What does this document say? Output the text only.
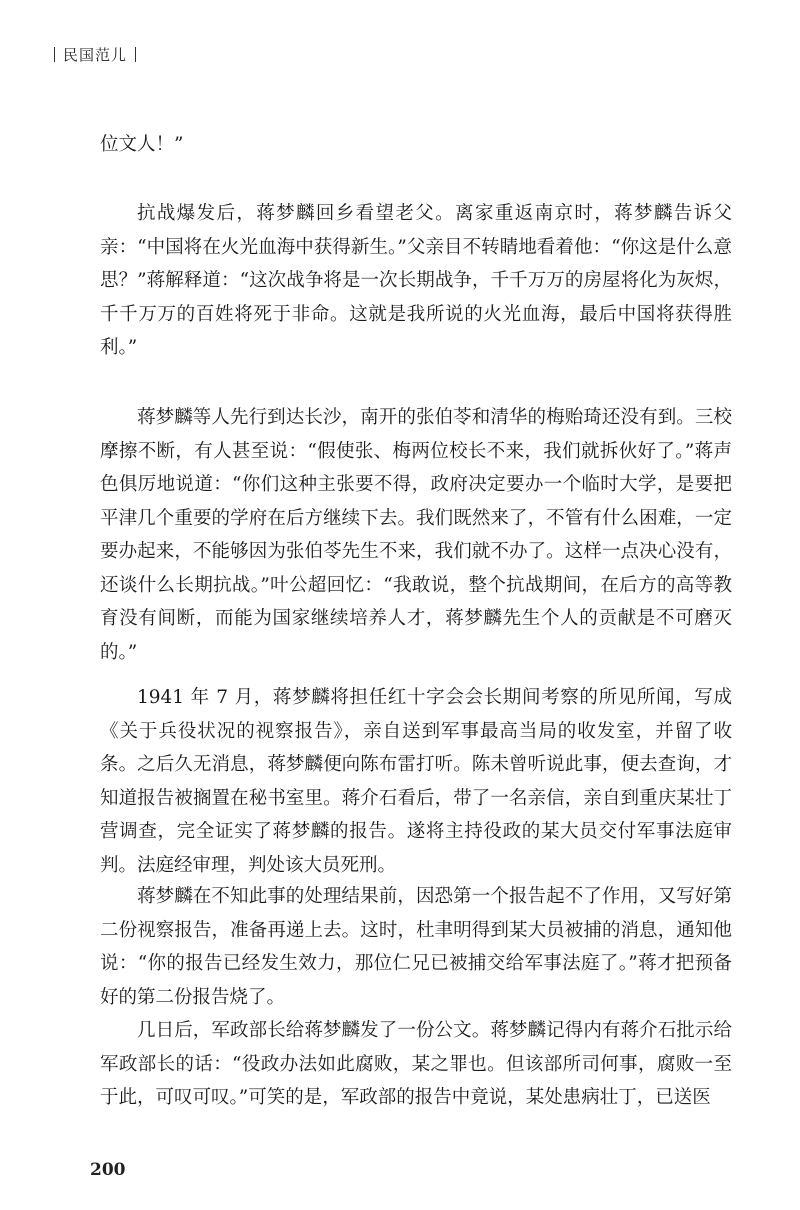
民国范儿

位文人！”

抗战爆发后，蒋梦麟回乡看望老父。离家重返南京时，蒋梦麟告诉父亲：“中国将在火光血海中获得新生。”父亲目不转睛地看着他：“你这是什么意思？”蒋解释道：“这次战争将是一次长期战争，千千万万的房屋将化为灰烬，千千万万的百姓将死于非命。这就是我所说的火光血海，最后中国将获得胜利。”

蒋梦麟等人先行到达长沙，南开的张伯苓和清华的梅贻琦还没有到。三校摩擦不断，有人甚至说：“假使张、梅两位校长不来，我们就拆伙好了。”蒋声色俱厉地说道：“你们这种主张要不得，政府决定要办一个临时大学，是要把平津几个重要的学府在后方继续下去。我们既然来了，不管有什么困难，一定要办起来，不能够因为张伯苓先生不来，我们就不办了。这样一点决心没有，还谈什么长期抗战。”叶公超回忆：“我敢说，整个抗战期间，在后方的高等教育没有间断，而能为国家继续培养人才，蒋梦麟先生个人的贡献是不可磨灭的。”

1941 年 7 月，蒋梦麟将担任红十字会会长期间考察的所见所闻，写成《关于兵役状况的视察报告》，亲自送到军事最高当局的收发室，并留了收条。之后久无消息，蒋梦麟便向陈布雷打听。陈未曾听说此事，便去查询，才知道报告被搁置在秘书室里。蒋介石看后，带了一名亲信，亲自到重庆某壮丁营调查，完全证实了蒋梦麟的报告。遂将主持役政的某大员交付军事法庭审判。法庭经审理，判处该大员死刑。

蒋梦麟在不知此事的处理结果前，因恐第一个报告起不了作用，又写好第二份视察报告，准备再递上去。这时，杜聿明得到某大员被捕的消息，通知他说：“你的报告已经发生效力，那位仁兄已被捕交给军事法庭了。”蒋才把预备好的第二份报告烧了。

几日后，军政部长给蒋梦麟发了一份公文。蒋梦麟记得内有蒋介石批示给军政部长的话：“役政办法如此腐败，某之罪也。但该部所司何事，腐败一至于此，可叹可叹。”可笑的是，军政部的报告中竟说，某处患病壮丁，已送医

200
